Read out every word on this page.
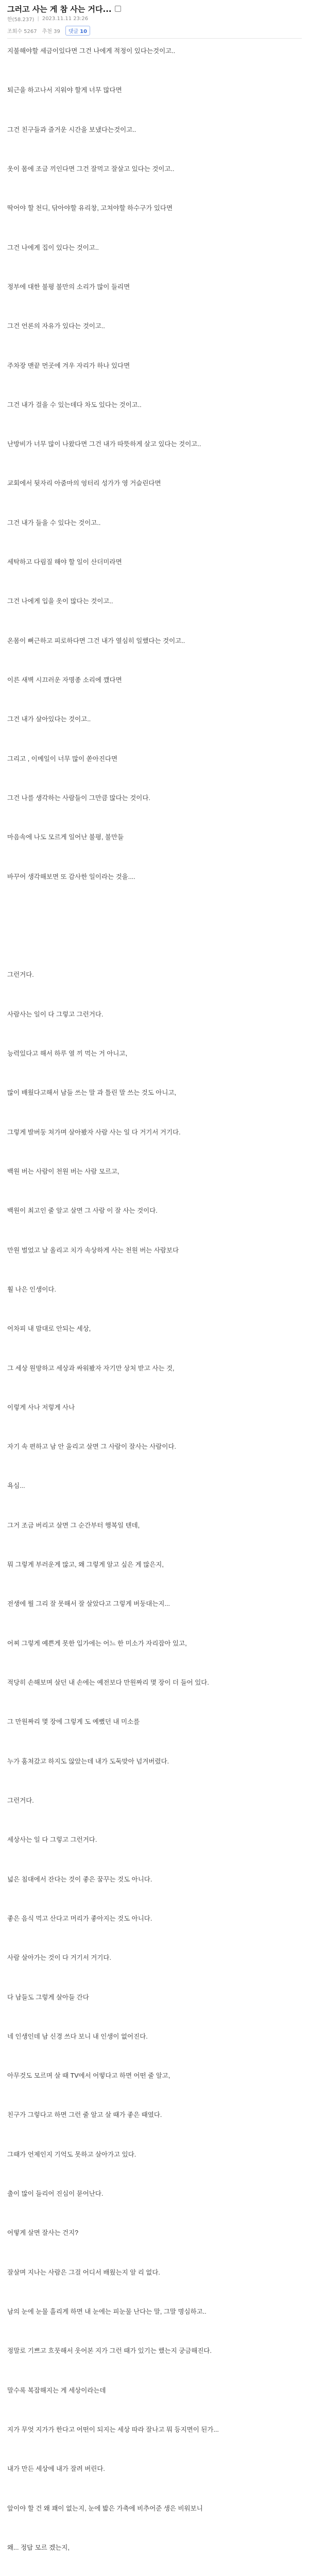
그러고 사는 게 참 사는 거다...
한(58.237) | 2023.11.11 23:26
조회수 5267 추천 39	댓글 10
지불해야할 세금이있다면 그건 나에게 적정이 있다는것이고..
퇴근을 하고나서 지워야 할게 너무 많다면
그건 친구들과 즐거운 시간을 보냈다는것이고..
옷이 몸에 조금 끼인다면 그건 잘먹고 잘살고 있다는 것이고..
딱어야 할 천디, 닦아야할 유리창, 고쳐야할 하수구가 있다면
그건 나에게 집이 있다는 것이고..
정부에 대한 불평 불만의 소리가 많이 들리면
그건 언론의 자유가 있다는 것이고..
주차장 맨끝 먼곳에 겨우 자리가 하나 있다면
그건 내가 걸을 수 있는데다 차도 있다는 것이고..
난방비가 너무 많이 나왔다면 그건 내가 따뜻하게 살고 있다는 것이고..
교회에서 뒷자리 아줌마의 엉터리 성가가 영 거슬린다면
그건 내가 들을 수 있다는 것이고..
세탁하고 다림질 해야 할 일이 산더미라면
그건 나에게 입을 옷이 많다는 것이고..
온몸이 뻐근하고 피로하다면 그건 내가 열심히 일했다는 것이고..
이른 새벽 시끄러운 자명종 소리에 깼다면
그건 내가 살아있다는 것이고..
그리고 , 이메일이 너무 많이 쏟아진다면
그건 나를 생각하는 사람들이 그만큼 많다는 것이다.
마음속에 나도 모르게 일어난 불평, 불만들
바꾸어 생각해보면 또 감사한 일이라는 것을....
그런거다.
사람사는 일이 다 그렇고 그런거다.
능력있다고 해서 하루 열 끼 먹는 거 아니고,
많이 배웠다고해서 남들 쓰는 말 과 틀린 말 쓰는 것도 아니고,
그렇게 발버둥 쳐가며 살아봤자 사람 사는 일 다 거기서 거기다.
백원 버는 사람이 천원 버는 사람 모르고,
백원이 최고인 줄 알고 살면 그 사람 이 잘 사는 것이다.
만원 벌었고 날 올리고 치가 속상하게 사는 천원 버는 사람보다
훨 나은 인생이다.
어차피 내 맘대로 안되는 세상,
그 세상 원망하고 세상과 싸워봤자 자기만 상처 받고 사는 것,
이렇게 사나 저렇게 사나
자기 속 편하고 남 안 울리고 살면 그 사람이 잘사는 사람이다.
욕심...
그거 조금 버리고 살면 그 순간부터 행복일 텐데,
뭐 그렇게 부러운게 많고, 왜 그렇게 알고 싶은 게 많은지,
전생에 뭘 그리 잘 못해서 잘 살았다고 그렇게 버둥대는지...
어찌 그렇게 예쁜게 못한 입가에는 어느 한 미소가 자리잡아 있고,
적당히 손해보며 살던 내 손에는 예전보다 만원짜리 몇 장이 더 들어 있다.
그 만원짜리 몇 장에 그렇게 도 예뻤던 내 미소를
누가 훔쳐갔고 하지도 않았는데 내가 도둑맞아 넘겨버렸다.
그런거다.
세상사는 일 다 그렇고 그런거다.
넓은 침대에서 잔다는 것이 좋은 꿈꾸는 것도 아니다.
좋은 음식 먹고 산다고 머리가 좋아지는 것도 아니다.
사람 살아가는 것이 다 거기서 거기다.
다 남들도 그렇게 살아들 간다
네 인생인데 남 신경 쓰다 보니 내 인생이 없어진다.
아무것도 모르며 살 때 TV에서 어떻다고 하면 어떤 줄 알고,
친구가 그렇다고 하면 그런 줄 알고 살 때가 좋은 때였다.
그때가 언제인지 기억도 못하고 살아가고 있다.
출이 많이 들리어 진심이 묻어난다.
어떻게 살면 잘사는 건지?
잘살며 지나는 사람은 그걸 어디서 배웠는지 알 리 없다.
남의 눈에 눈물 흘리게 하면 내 눈에는 피눈물 난다는 말, 그말 명심하고..
정말로 기쁘고 흐뭇해서 웃어본 지가 그런 때가 있기는 했는지 궁금해진다.
말수록 복잡해지는 게 세상이라는데
지가 무엇 지가가 한다고 어떤이 되지는 세상 따라 잘나고 뭐 등지면이 된가...
내가 만든 세상에 내가 잘려 버린다.
앞이야 할 건 왜 꽤이 없는지, 눈에 밟은 가축에 비추어준 생은 비워보니
왜... 정답 모르 겠는지,
